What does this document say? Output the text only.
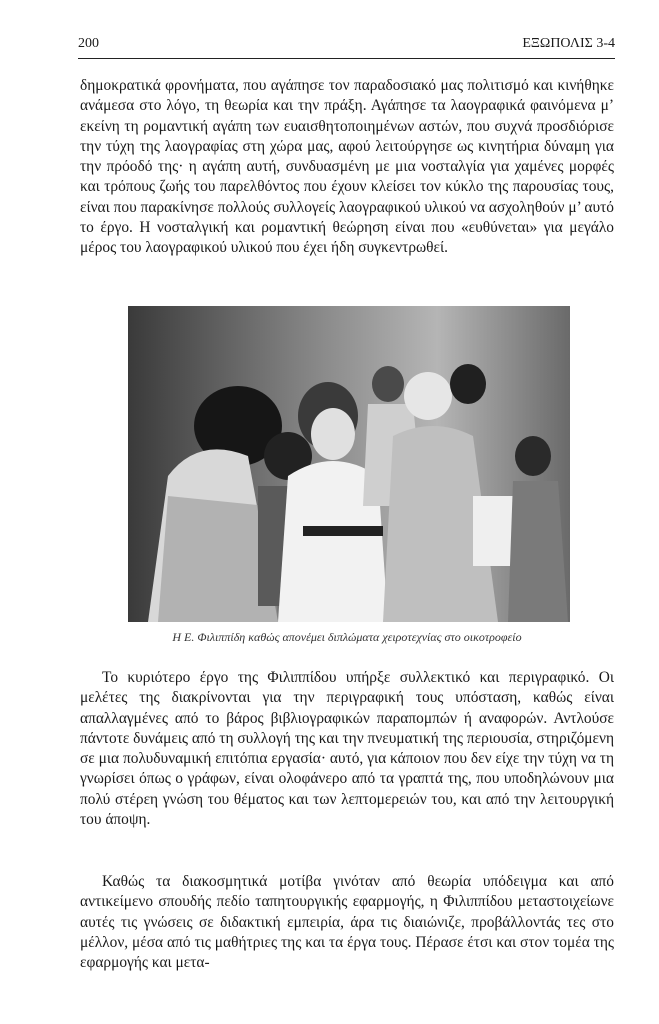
200	ΕΞΩΠΟΛΙΣ 3-4

δημοκρατικά φρονήματα, που αγάπησε τον παραδοσιακό μας πολιτισμό και κινήθηκε ανάμεσα στο λόγο, τη θεωρία και την πράξη. Αγάπησε τα λαογραφικά φαινόμενα μ’ εκείνη τη ρομαντική αγάπη των ευαισθητοποιημένων αστών, που συχνά προσδιόρισε την τύχη της λαογραφίας στη χώρα μας, αφού λειτούργησε ως κινητήρια δύναμη για την πρόοδό της· η αγάπη αυτή, συνδυασμένη με μια νοσταλγία για χαμένες μορφές και τρόπους ζωής του παρελθόντος που έχουν κλείσει τον κύκλο της παρουσίας τους, είναι που παρακίνησε πολλούς συλλογείς λαογραφικού υλικού να ασχοληθούν μ’ αυτό το έργο. Η νοσταλγική και ρομαντική θεώρηση είναι που «ευθύνεται» για μεγάλο μέρος του λαογραφικού υλικού που έχει ήδη συγκεντρωθεί.

Η Ε. Φιλιππίδη καθώς απονέμει διπλώματα χειροτεχνίας στο οικοτροφείο

Το κυριότερο έργο της Φιλιππίδου υπήρξε συλλεκτικό και περιγραφικό. Οι μελέτες της διακρίνονται για την περιγραφική τους υπόσταση, καθώς είναι απαλλαγμένες από το βάρος βιβλιογραφικών παραπομπών ή αναφορών. Αντλούσε πάντοτε δυνάμεις από τη συλλογή της και την πνευματική της περιουσία, στηριζόμενη σε μια πολυδυναμική επιτόπια εργασία· αυτό, για κάποιον που δεν είχε την τύχη να τη γνωρίσει όπως ο γράφων, είναι ολοφάνερο από τα γραπτά της, που υποδηλώνουν μια πολύ στέρεη γνώση του θέματος και των λεπτομερειών του, και από την λειτουργική του άποψη.

Καθώς τα διακοσμητικά μοτίβα γινόταν από θεωρία υπόδειγμα και από αντικείμενο σπουδής πεδίο ταπητουργικής εφαρμογής, η Φιλιππίδου μεταστοιχείωνε αυτές τις γνώσεις σε διδακτική εμπειρία, άρα τις διαιώνιζε, προβάλλοντάς τες στο μέλλον, μέσα από τις μαθήτριες της και τα έργα τους. Πέρασε έτσι και στον τομέα της εφαρμογής και μετα-
